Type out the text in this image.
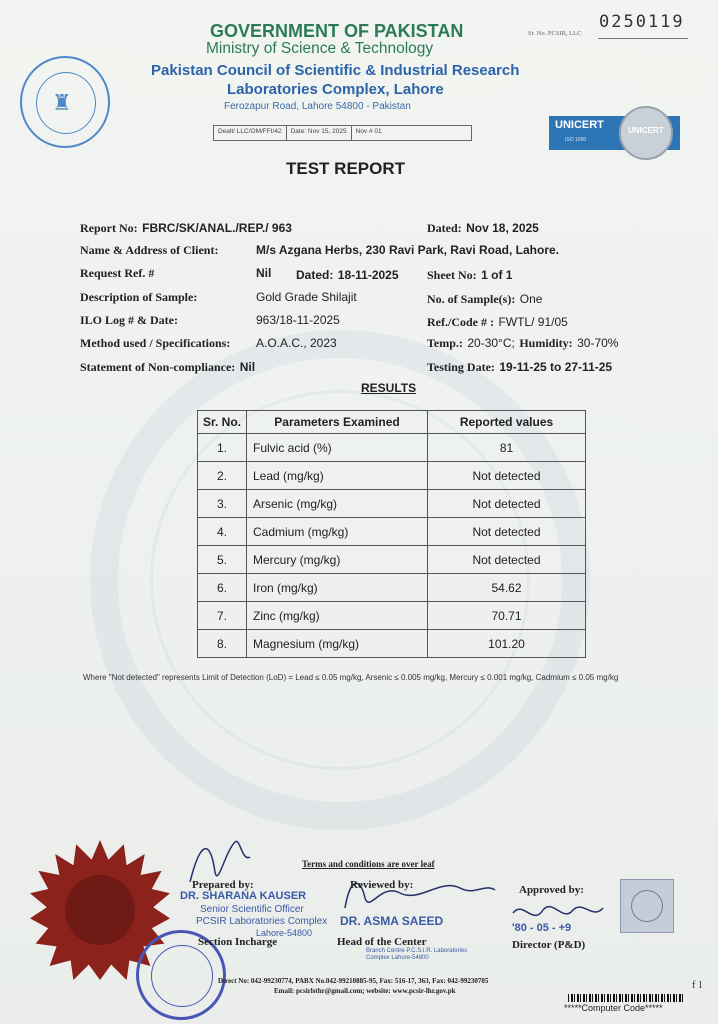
Sr. No. PCSIR, LLC
0250119
♜
GOVERNMENT OF PAKISTAN
Ministry of Science & Technology
Pakistan Council of Scientific & Industrial Research
Laboratories Complex, Lahore
Ferozapur Road, Lahore 54800 - Pakistan
Dealt/ LLC/OM/FFI/42	Date: Nov 15, 2025	Nov # 01
UNICERT
ISO 1000
UNICERT
TEST REPORT
Report No: FBRC/SK/ANAL./REP./ 963	Dated: Nov 18, 2025
Name & Address of Client:	M/s Azgana Herbs, 230 Ravi Park, Ravi Road, Lahore.
Request Ref. #	Nil Dated: 18-11-2025 Sheet No: 1 of 1
Description of Sample:	Gold Grade Shilajit	No. of Sample(s): One
ILO Log # & Date:	963/18-11-2025	Ref./Code # : FWTL/ 91/05
Method used / Specifications: A.O.A.C., 2023	Temp.: 20-30°C; Humidity: 30-70%
Statement of Non-compliance: Nil	Testing Date: 19-11-25 to 27-11-25
RESULTS
Sr. No.	Parameters Examined	Reported values
1.	Fulvic acid (%)	81
2.	Lead (mg/kg)	Not detected
3.	Arsenic (mg/kg)	Not detected
4.	Cadmium (mg/kg)	Not detected
5.	Mercury (mg/kg)	Not detected
6.	Iron (mg/kg)	54.62
7.	Zinc (mg/kg)	70.71
8.	Magnesium (mg/kg)	101.20
Where "Not detected" represents Limit of Detection (LoD) = Lead ≤ 0.05 mg/kg, Arsenic ≤ 0.005 mg/kg, Mercury ≤ 0.001 mg/kg, Cadmium ≤ 0.05 mg/kg
Terms and conditions are over leaf
Prepared by:
DR. SHARANA KAUSER
Senior Scientific Officer
PCSIR Laboratories Complex
Lahore-54800
Section Incharge
Reviewed by:
DR. ASMA SAEED
Head of the Center
Branch Centre P.C.S.I.R. Laboratories Complex Lahore-54800
Approved by:
'80 - 05 - +9
Director (P&D)
Direct No: 042-99230774, PABX No.042-99210885-95, Fax: 516-17, 363, Fax: 042-99230705
Email: pcsirlsthr@gmail.com; website: www.pcsir-lhr.gov.pk
*****Computer Code*****
f 1
